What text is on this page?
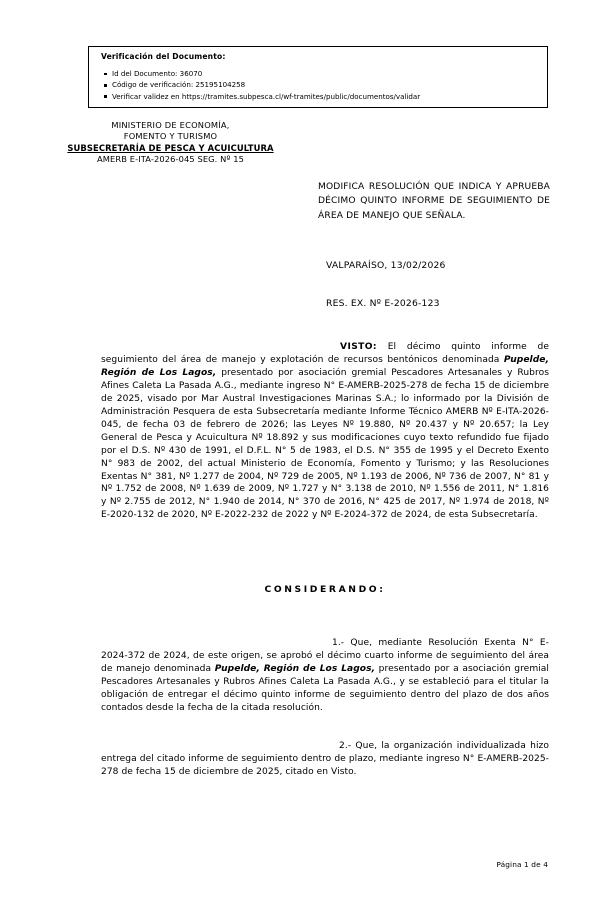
Verificación del Documento:
Id del Documento: 36070
Código de verificación: 25195104258
Verificar validez en https://tramites.subpesca.cl/wf-tramites/public/documentos/validar
MINISTERIO DE ECONOMÍA,
FOMENTO Y TURISMO
SUBSECRETARÍA DE PESCA Y ACUICULTURA
AMERB E-ITA-2026-045 SEG. Nº 15
MODIFICA RESOLUCIÓN QUE INDICA Y APRUEBA DÉCIMO QUINTO INFORME DE SEGUIMIENTO DE ÁREA DE MANEJO QUE SEÑALA.
VALPARAÍSO, 13/02/2026
RES. EX. Nº E-2026-123

VISTO: El décimo quinto informe de seguimiento del área de manejo y explotación de recursos bentónicos denominada Pupelde, Región de Los Lagos, presentado por asociación gremial Pescadores Artesanales y Rubros Afines Caleta La Pasada A.G., mediante ingreso N° E-AMERB-2025-278 de fecha 15 de diciembre de 2025, visado por Mar Austral Investigaciones Marinas S.A.; lo informado por la División de Administración Pesquera de esta Subsecretaría mediante Informe Técnico AMERB Nº E-ITA-2026-045, de fecha 03 de febrero de 2026; las Leyes Nº 19.880, Nº 20.437 y Nº 20.657; la Ley General de Pesca y Acuicultura Nº 18.892 y sus modificaciones cuyo texto refundido fue fijado por el D.S. Nº 430 de 1991, el D.F.L. N° 5 de 1983, el D.S. N° 355 de 1995 y el Decreto Exento N° 983 de 2002, del actual Ministerio de Economía, Fomento y Turismo; y las Resoluciones Exentas N° 381, Nº 1.277 de 2004, Nº 729 de 2005, Nº 1.193 de 2006, Nº 736 de 2007, N° 81 y Nº 1.752 de 2008, Nº 1.639 de 2009, Nº 1.727 y N° 3.138 de 2010, Nº 1.556 de 2011, N° 1.816 y Nº 2.755 de 2012, N° 1.940 de 2014, N° 370 de 2016, N° 425 de 2017, Nº 1.974 de 2018, Nº E-2020-132 de 2020, Nº E-2022-232 de 2022 y Nº E-2024-372 de 2024, de esta Subsecretaría.

CONSIDERANDO:

1.- Que, mediante Resolución Exenta N° E-2024-372 de 2024, de este origen, se aprobó el décimo cuarto informe de seguimiento del área de manejo denominada Pupelde, Región de Los Lagos, presentado por a asociación gremial Pescadores Artesanales y Rubros Afines Caleta La Pasada A.G., y se estableció para el titular la obligación de entregar el décimo quinto informe de seguimiento dentro del plazo de dos años contados desde la fecha de la citada resolución.

2.- Que, la organización individualizada hizo entrega del citado informe de seguimiento dentro de plazo, mediante ingreso N° E-AMERB-2025-278 de fecha 15 de diciembre de 2025, citado en Visto.

Página 1 de 4
